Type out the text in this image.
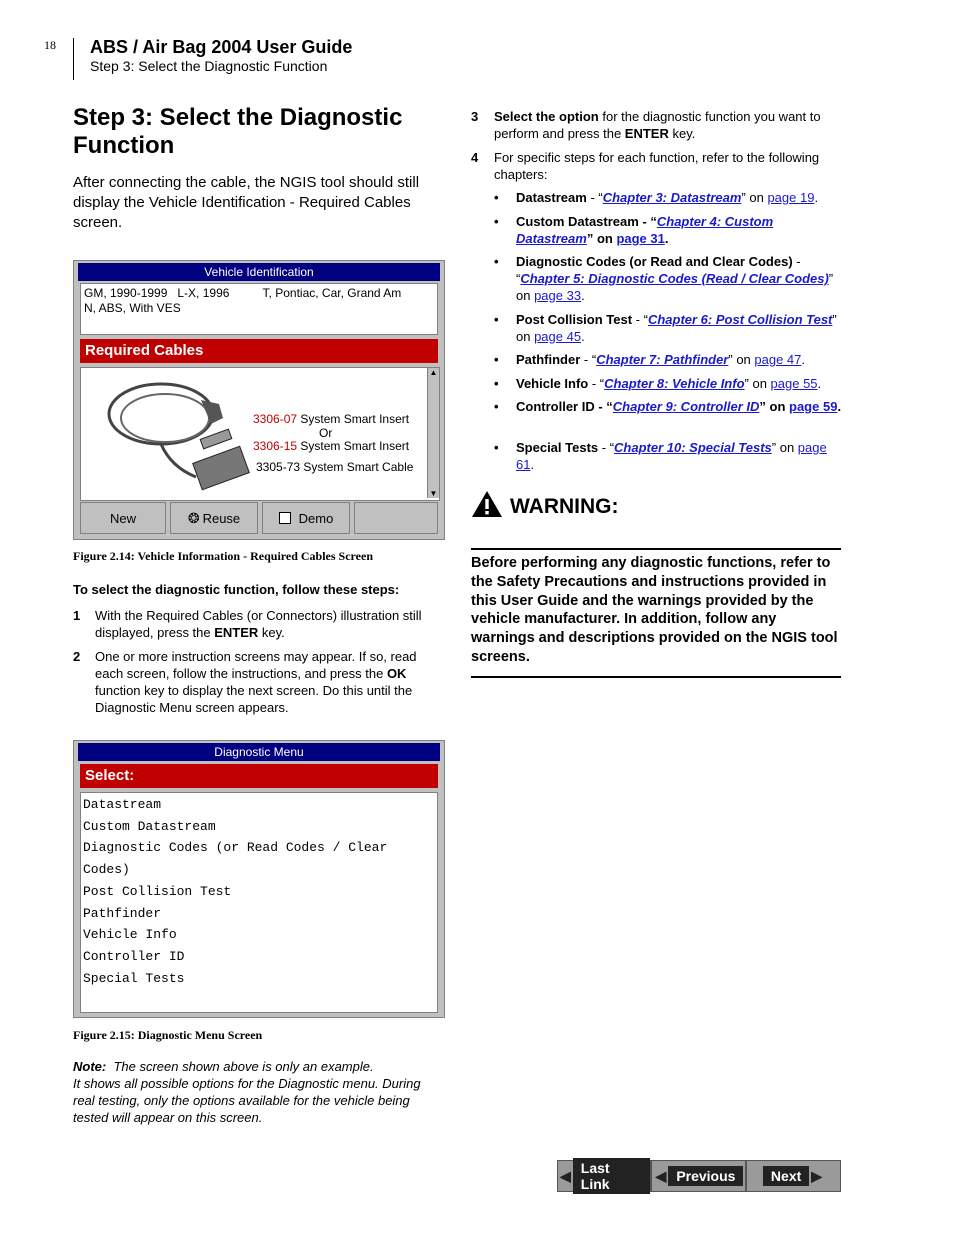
18 ABS / Air Bag 2004 User Guide
Step 3: Select the Diagnostic Function
Step 3: Select the Diagnostic Function
After connecting the cable, the NGIS tool should still display the Vehicle Identification - Required Cables screen.
Vehicle Identification
GM, 1990-1999   L-X, 1996          T, Pontiac, Car, Grand Am
N, ABS, With VES
Required Cables
3306-07 System Smart Insert
Or
3306-15 System Smart Insert
3305-73 System Smart Cable
▲
▼
New	❂ Reuse	Demo
Figure 2.14: Vehicle Information - Required Cables Screen
To select the diagnostic function, follow these steps:
1 With the Required Cables (or Connectors) illustration still displayed, press the ENTER key.
2 One or more instruction screens may appear. If so, read each screen, follow the instructions, and press the OK function key to display the next screen. Do this until the Diagnostic Menu screen appears.
Diagnostic Menu
Select:
Datastream
Custom Datastream
Diagnostic Codes (or Read Codes / Clear Codes)
Post Collision Test
Pathfinder
Vehicle Info
Controller ID
Special Tests
Figure 2.15: Diagnostic Menu Screen
Note:  The screen shown above is only an example.
It shows all possible options for the Diagnostic menu. During real testing, only the options available for the vehicle being tested will appear on this screen.
3 Select the option for the diagnostic function you want to perform and press the ENTER key.
4 For specific steps for each function, refer to the following chapters:
• Datastream - “Chapter 3: Datastream” on page 19.
• Custom Datastream - “Chapter 4: Custom Datastream” on page 31.
• Diagnostic Codes (or Read and Clear Codes) - “Chapter 5: Diagnostic Codes (Read / Clear Codes)” on page 33.
• Post Collision Test - “Chapter 6: Post Collision Test” on page 45.
• Pathfinder - “Chapter 7: Pathfinder” on page 47.
• Vehicle Info - “Chapter 8: Vehicle Info” on page 55.
• Controller ID - “Chapter 9: Controller ID” on page 59.
• Special Tests - “Chapter 10: Special Tests” on page 61.
WARNING:
Before performing any diagnostic functions, refer to the Safety Precautions and instructions provided in this User Guide and the warnings provided by the vehicle manufacturer. In addition, follow any warnings and descriptions provided on the NGIS tool screens.
◀ Last Link
◀ Previous	Next ▶
